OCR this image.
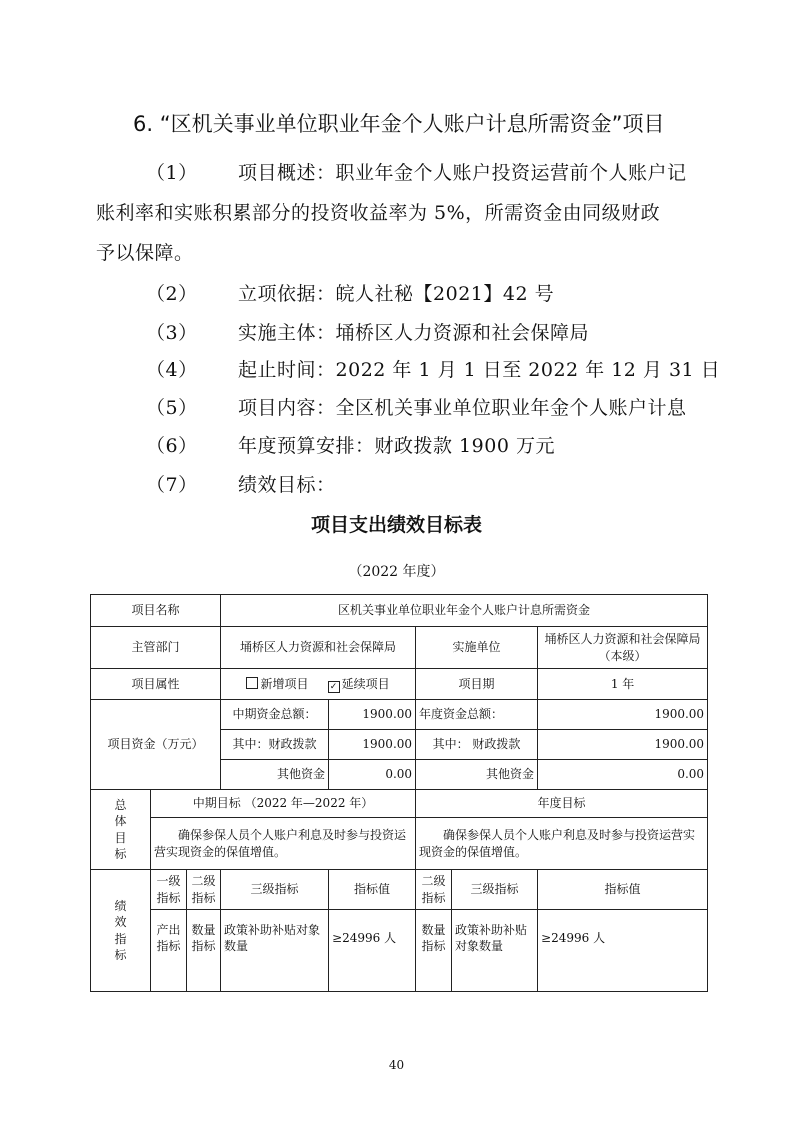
6. “区机关事业单位职业年金个人账户计息所需资金”项目
（1） 项目概述：职业年金个人账户投资运营前个人账户记
账利率和实账积累部分的投资收益率为 5%，所需资金由同级财政
予以保障。
（2） 立项依据：皖人社秘【2021】42 号
（3） 实施主体：埇桥区人力资源和社会保障局
（4） 起止时间：2022 年 1 月 1 日至 2022 年 12 月 31 日
（5） 项目内容：全区机关事业单位职业年金个人账户计息
（6） 年度预算安排：财政拨款 1900 万元
（7） 绩效目标：
项目支出绩效目标表
（2022 年度）
项目名称			区机关事业单位职业年金个人账户计息所需资金				
主管部门			埇桥区人力资源和社会保障局		实施单位		埇桥区人力资源和社会保障局（本级）
项目属性			新增项目 ✓ 延续项目		项目期		1 年
项目资金（万元）			中期资金总额：	1900.00	年度资金总额：		1900.00
			其中：财政拨款	1900.00	其中： 财政拨款		1900.00
			其他资金	0.00	其他资金		0.00
总体目标	中期目标 （2022 年—2022 年）				年度目标		
	确保参保人员个人账户利息及时参与投资运营实现资金的保值增值。				确保参保人员个人账户利息及时参与投资运营实现资金的保值增值。		
绩效指标	一级指标	二级指标	三级指标	指标值	二级指标	三级指标	指标值
	产出指标	数量指标	政策补助补贴对象数量	≥24996 人	数量指标	政策补助补贴对象数量	≥24996 人
40
